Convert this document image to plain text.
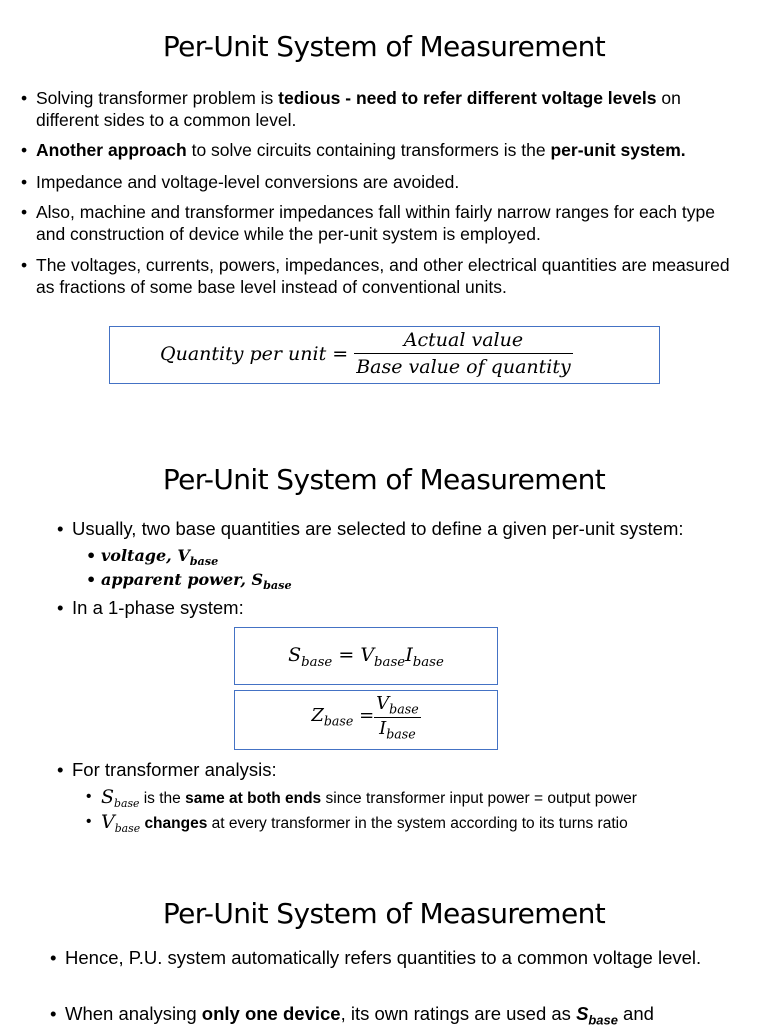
Per-Unit System of Measurement
• Solving transformer problem is tedious - need to refer different voltage levels on different sides to a common level.
• Another approach to solve circuits containing transformers is the per-unit system.
• Impedance and voltage-level conversions are avoided.
• Also, machine and transformer impedances fall within fairly narrow ranges for each type and construction of device while the per-unit system is employed.
• The voltages, currents, powers, impedances, and other electrical quantities are measured as fractions of some base level instead of conventional units.
Quantity per unit = $\frac{\text{Actual value}}{\text{Base value of quantity}}$
Per-Unit System of Measurement
• Usually, two base quantities are selected to define a given per-unit system:
• voltage, $V_{base}$
• apparent power, $S_{base}$
• In a 1-phase system:
$S_{base} = V_{base}I_{base}$
$Z_{base} = \frac{V_{base}}{I_{base}}$
• For transformer analysis:
• $S_{base}$ is the same at both ends since transformer input power = output power
• $V_{base}$ changes at every transformer in the system according to its turns ratio
Per-Unit System of Measurement
• Hence, P.U. system automatically refers quantities to a common voltage level.
• When analysing only one device, its own ratings are used as $S_{base}$ and
